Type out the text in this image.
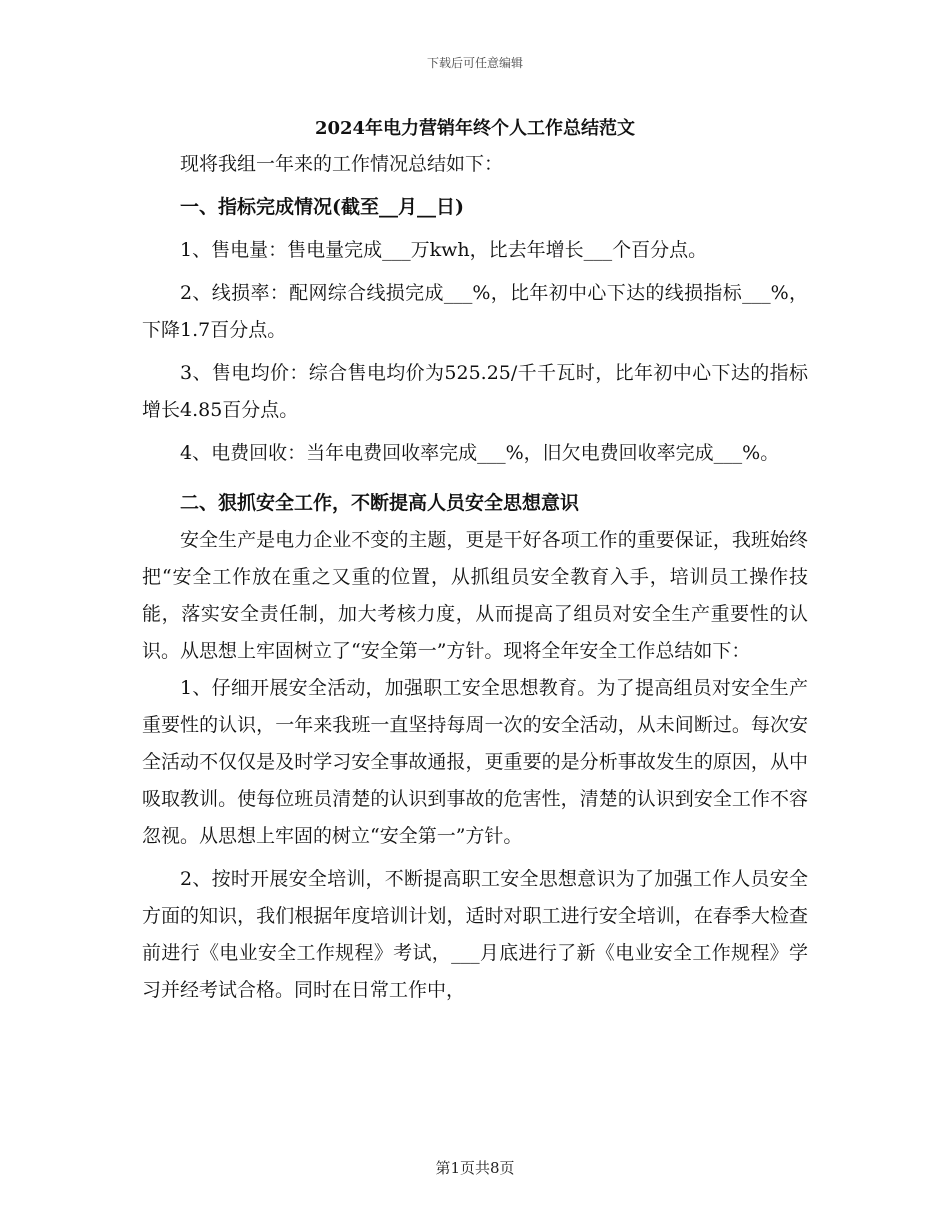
下载后可任意编辑
2024年电力营销年终个人工作总结范文

现将我组一年来的工作情况总结如下：

一、指标完成情况(截至__月__日)

1、售电量：售电量完成___万kwh，比去年增长___个百分点。

2、线损率：配网综合线损完成___%，比年初中心下达的线损指标___%，下降1.7百分点。

3、售电均价：综合售电均价为525.25/千千瓦时，比年初中心下达的指标增长4.85百分点。

4、电费回收：当年电费回收率完成___%，旧欠电费回收率完成___%。

二、狠抓安全工作，不断提高人员安全思想意识

安全生产是电力企业不变的主题，更是干好各项工作的重要保证，我班始终把“安全工作放在重之又重的位置，从抓组员安全教育入手，培训员工操作技能，落实安全责任制，加大考核力度，从而提高了组员对安全生产重要性的认识。从思想上牢固树立了“安全第一”方针。现将全年安全工作总结如下：

1、仔细开展安全活动，加强职工安全思想教育。为了提高组员对安全生产重要性的认识，一年来我班一直坚持每周一次的安全活动，从未间断过。每次安全活动不仅仅是及时学习安全事故通报，更重要的是分析事故发生的原因，从中吸取教训。使每位班员清楚的认识到事故的危害性，清楚的认识到安全工作不容忽视。从思想上牢固的树立“安全第一”方针。

2、按时开展安全培训，不断提高职工安全思想意识为了加强工作人员安全方面的知识，我们根据年度培训计划，适时对职工进行安全培训，在春季大检查前进行《电业安全工作规程》考试，___月底进行了新《电业安全工作规程》学习并经考试合格。同时在日常工作中，

第1页共8页
